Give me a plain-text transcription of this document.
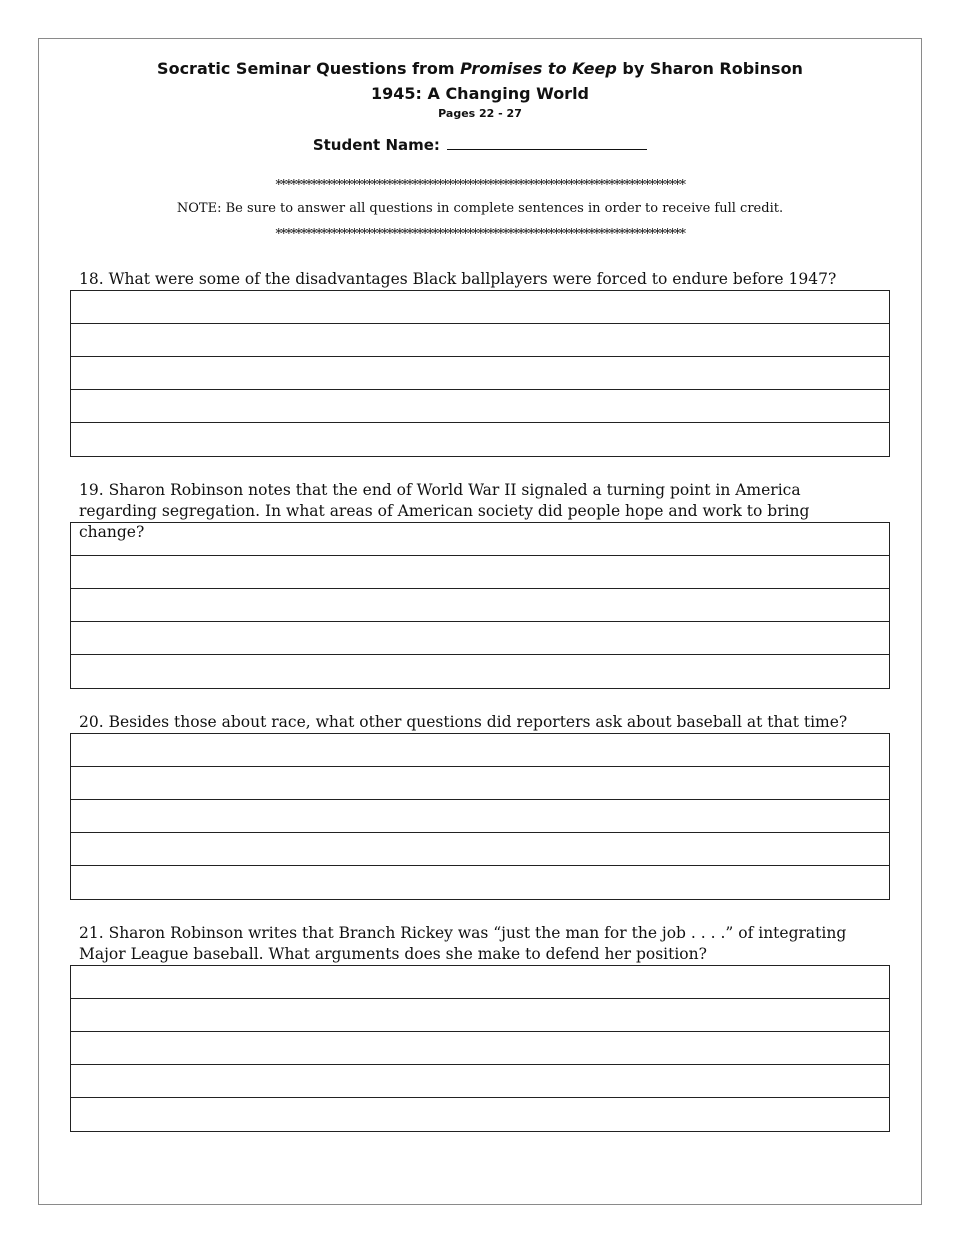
Socratic Seminar Questions from Promises to Keep by Sharon Robinson
1945: A Changing World
Pages 22 - 27
Student Name:
*********************************************************************************
NOTE: Be sure to answer all questions in complete sentences in order to receive full credit.
*********************************************************************************
18. What were some of the disadvantages Black ballplayers were forced to endure before 1947?
19. Sharon Robinson notes that the end of World War II signaled a turning point in America regarding segregation. In what areas of American society did people hope and work to bring change?
20. Besides those about race, what other questions did reporters ask about baseball at that time?
21. Sharon Robinson writes that Branch Rickey was “just the man for the job . . . .” of integrating Major League baseball. What arguments does she make to defend her position?
